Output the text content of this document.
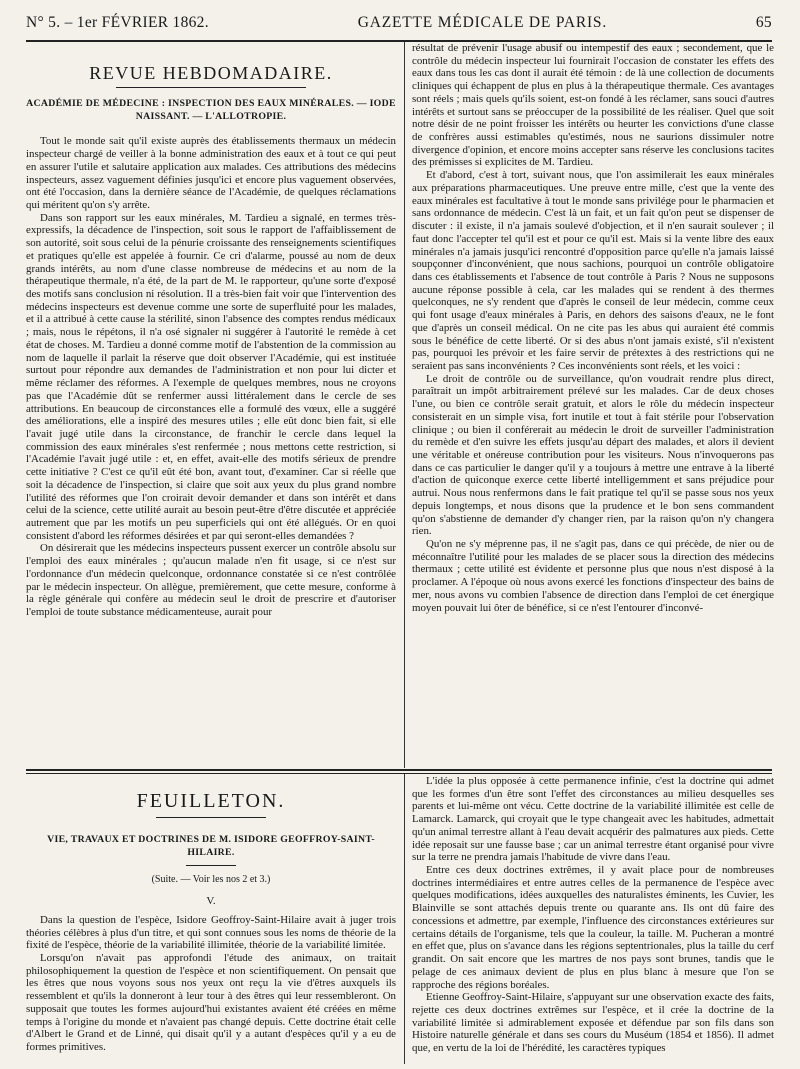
N° 5. – 1er FÉVRIER 1862.	GAZETTE MÉDICALE DE PARIS.	65

REVUE HEBDOMADAIRE.

ACADÉMIE DE MÉDECINE : INSPECTION DES EAUX MINÉRALES. — IODE NAISSANT. — L'ALLOTROPIE.

Tout le monde sait qu'il existe auprès des établissements thermaux un médecin inspecteur chargé de veiller à la bonne administration des eaux et à tout ce qui peut en assurer l'utile et salutaire application aux malades. Ces attributions des médecins inspecteurs, assez vaguement définies jusqu'ici et encore plus vaguement observées, ont été l'occasion, dans la dernière séance de l'Académie, de quelques réclamations qui méritent qu'on s'y arrête.

Dans son rapport sur les eaux minérales, M. Tardieu a signalé, en termes très-expressifs, la décadence de l'inspection, soit sous le rapport de l'affaiblissement de son autorité, soit sous celui de la pénurie croissante des renseignements scientifiques et pratiques qu'elle est appelée à fournir. Ce cri d'alarme, poussé au nom de deux grands intérêts, au nom d'une classe nombreuse de médecins et au nom de la thérapeutique thermale, n'a été, de la part de M. le rapporteur, qu'une sorte d'exposé des motifs sans conclusion ni résolution. Il a très-bien fait voir que l'intervention des médecins inspecteurs est devenue comme une sorte de superfluité pour les malades, et il a attribué à cette cause la stérilité, sinon l'absence des comptes rendus médicaux ; mais, nous le répétons, il n'a osé signaler ni suggérer à l'autorité le remède à cet état de choses. M. Tardieu a donné comme motif de l'abstention de la commission au nom de laquelle il parlait la réserve que doit observer l'Académie, qui est instituée surtout pour répondre aux demandes de l'administration et non pour lui dicter et même réclamer des réformes. A l'exemple de quelques membres, nous ne croyons pas que l'Académie dût se renfermer aussi littéralement dans le cercle de ses attributions. En beaucoup de circonstances elle a formulé des vœux, elle a suggéré des améliorations, elle a inspiré des mesures utiles ; elle eût donc bien fait, si elle l'avait jugé utile dans la circonstance, de franchir le cercle dans lequel la commission des eaux minérales s'est renfermée ; nous mettons cette restriction, si l'Académie l'avait jugé utile : et, en effet, avait-elle des motifs sérieux de prendre cette initiative ? C'est ce qu'il eût été bon, avant tout, d'examiner. Car si réelle que soit la décadence de l'inspection, si claire que soit aux yeux du plus grand nombre l'utilité des réformes que l'on croirait devoir demander et dans son intérêt et dans celui de la science, cette utilité aurait au besoin peut-être d'être discutée et appréciée autrement que par les motifs un peu superficiels qui ont été allégués. Or en quoi consistent d'abord les réformes désirées et par qui seront-elles demandées ?

On désirerait que les médecins inspecteurs pussent exercer un contrôle absolu sur l'emploi des eaux minérales ; qu'aucun malade n'en fit usage, si ce n'est sur l'ordonnance d'un médecin quelconque, ordonnance constatée si ce n'est contrôlée par le médecin inspecteur. On allègue, premièrement, que cette mesure, conforme à la règle générale qui confère au médecin seul le droit de prescrire et d'autoriser l'emploi de toute substance médicamenteuse, aurait pour

résultat de prévenir l'usage abusif ou intempestif des eaux ; secondement, que le contrôle du médecin inspecteur lui fournirait l'occasion de constater les effets des eaux dans tous les cas dont il aurait été témoin : de là une collection de documents cliniques qui échappent de plus en plus à la thérapeutique thermale. Ces avantages sont réels ; mais quels qu'ils soient, est-on fondé à les réclamer, sans souci d'autres intérêts et surtout sans se préoccuper de la possibilité de les réaliser. Quel que soit notre désir de ne point froisser les intérêts ou heurter les convictions d'une classe de confrères aussi estimables qu'estimés, nous ne saurions dissimuler notre divergence d'opinion, et encore moins accepter sans réserve les conclusions tacites des prémisses si explicites de M. Tardieu.

Et d'abord, c'est à tort, suivant nous, que l'on assimilerait les eaux minérales aux préparations pharmaceutiques. Une preuve entre mille, c'est que la vente des eaux minérales est facultative à tout le monde sans privilége pour le pharmacien et sans ordonnance de médecin. C'est là un fait, et un fait qu'on peut se dispenser de discuter : il existe, il n'a jamais soulevé d'objection, et il n'en saurait soulever ; il faut donc l'accepter tel qu'il est et pour ce qu'il est. Mais si la vente libre des eaux minérales n'a jamais jusqu'ici rencontré d'opposition parce qu'elle n'a jamais laissé soupçonner d'inconvénient, que nous sachions, pourquoi un contrôle obligatoire dans ces établissements et l'absence de tout contrôle à Paris ? Nous ne supposons aucune réponse possible à cela, car les malades qui se rendent à des thermes quelconques, ne s'y rendent que d'après le conseil de leur médecin, comme ceux qui font usage d'eaux minérales à Paris, en dehors des saisons d'eaux, ne le font que d'après un conseil médical. On ne cite pas les abus qui auraient été commis sous le bénéfice de cette liberté. Or si des abus n'ont jamais existé, s'il n'existent pas, pourquoi les prévoir et les faire servir de prétextes à des restrictions qui ne seraient pas sans inconvénients ? Ces inconvénients sont réels, et les voici :

Le droit de contrôle ou de surveillance, qu'on voudrait rendre plus direct, paraîtrait un impôt arbitrairement prélevé sur les malades. Car de deux choses l'une, ou bien ce contrôle serait gratuit, et alors le rôle du médecin inspecteur consisterait en un simple visa, fort inutile et tout à fait stérile pour l'observation clinique ; ou bien il conférerait au médecin le droit de surveiller l'administration du remède et d'en suivre les effets jusqu'au départ des malades, et alors il devient une véritable et onéreuse contribution pour les visiteurs. Nous n'invoquerons pas dans ce cas particulier le danger qu'il y a toujours à mettre une entrave à la liberté d'action de quiconque exerce cette liberté intelligemment et sans préjudice pour autrui. Nous nous renfermons dans le fait pratique tel qu'il se passe sous nos yeux depuis longtemps, et nous disons que la prudence et le bon sens commandent qu'on s'abstienne de demander d'y changer rien, par la raison qu'on n'y changera rien.

Qu'on ne s'y méprenne pas, il ne s'agit pas, dans ce qui précède, de nier ou de méconnaître l'utilité pour les malades de se placer sous la direction des médecins thermaux ; cette utilité est évidente et personne plus que nous n'est disposé à la proclamer. A l'époque où nous avons exercé les fonctions d'inspecteur des bains de mer, nous avons vu combien l'absence de direction dans l'emploi de cet énergique moyen pouvait lui ôter de bénéfice, si ce n'est l'entourer d'inconvé-

FEUILLETON.

VIE, TRAVAUX ET DOCTRINES DE M. ISIDORE GEOFFROY-SAINT-HILAIRE.

(Suite. — Voir les nos 2 et 3.)

V.

Dans la question de l'espèce, Isidore Geoffroy-Saint-Hilaire avait à juger trois théories célèbres à plus d'un titre, et qui sont connues sous les noms de théorie de la fixité de l'espèce, théorie de la variabilité illimitée, théorie de la variabilité limitée.

Lorsqu'on n'avait pas approfondi l'étude des animaux, on traitait philosophiquement la question de l'espèce et non scientifiquement. On pensait que les êtres que nous voyons sous nos yeux ont reçu la vie d'êtres auxquels ils ressemblent et qu'ils la donneront à leur tour à des êtres qui leur ressembleront. On supposait que toutes les formes aujourd'hui existantes avaient été créées en même temps à l'origine du monde et n'avaient pas changé depuis. Cette doctrine était celle d'Albert le Grand et de Linné, qui disait qu'il y a autant d'espèces qu'il y a eu de formes primitives.

L'idée la plus opposée à cette permanence infinie, c'est la doctrine qui admet que les formes d'un être sont l'effet des circonstances au milieu desquelles ses parents et lui-même ont vécu. Cette doctrine de la variabilité illimitée est celle de Lamarck. Lamarck, qui croyait que le type changeait avec les habitudes, admettait qu'un animal terrestre allant à l'eau devait acquérir des palmatures aux pieds. Cette idée reposait sur une fausse base ; car un animal terrestre étant organisé pour vivre sur la terre ne prendra jamais l'habitude de vivre dans l'eau.

Entre ces deux doctrines extrêmes, il y avait place pour de nombreuses doctrines intermédiaires et entre autres celles de la permanence de l'espèce avec quelques modifications, idées auxquelles des naturalistes éminents, les Cuvier, les Blainville se sont attachés depuis trente ou quarante ans. Ils ont dû faire des concessions et admettre, par exemple, l'influence des circonstances extérieures sur certains détails de l'organisme, tels que la couleur, la taille. M. Pucheran a montré en effet que, plus on s'avance dans les régions septentrionales, plus la taille du cerf grandit. On sait encore que les martres de nos pays sont brunes, tandis que le pelage de ces animaux devient de plus en plus blanc à mesure que l'on se rapproche des régions boréales.

Etienne Geoffroy-Saint-Hilaire, s'appuyant sur une observation exacte des faits, rejette ces deux doctrines extrêmes sur l'espèce, et il crée la doctrine de la variabilité limitée si admirablement exposée et défendue par son fils dans son Histoire naturelle générale et dans ses cours du Muséum (1854 et 1856). Il admet que, en vertu de la loi de l'hérédité, les caractères typiques
